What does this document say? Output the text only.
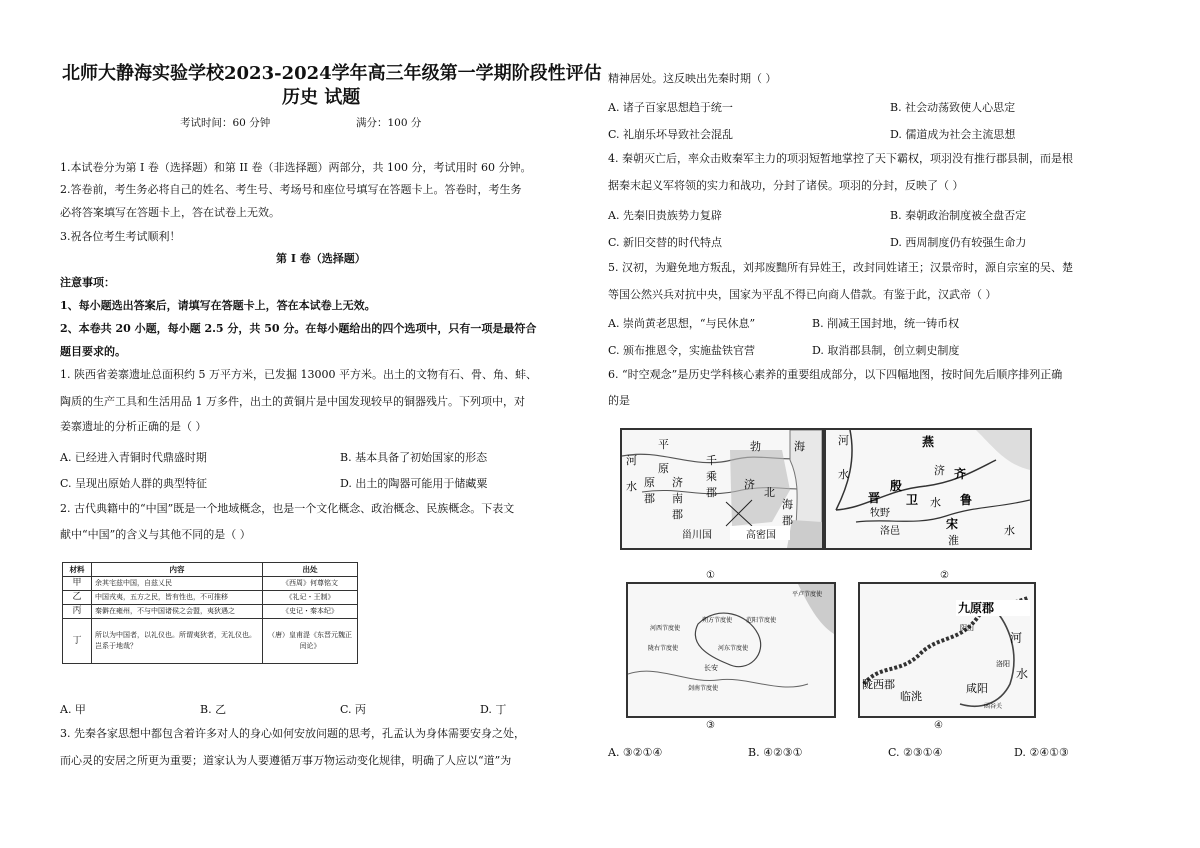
北师大静海实验学校2023-2024学年高三年级第一学期阶段性评估
历史 试题
考试时间：60 分钟	满分：100 分
1.本试卷分为第 I 卷（选择题）和第 II 卷（非选择题）两部分，共 100 分，考试用时 60 分钟。
2.答卷前，考生务必将自己的姓名、考生号、考场号和座位号填写在答题卡上。答卷时，考生务
必将答案填写在答题卡上，答在试卷上无效。
3.祝各位考生考试顺利！
第 I 卷（选择题）
注意事项：
1、每小题选出答案后，请填写在答题卡上，答在本试卷上无效。
2、本卷共 20 小题，每小题 2.5 分，共 50 分。在每小题给出的四个选项中，只有一项是最符合
题目要求的。
1. 陕西省姜寨遗址总面积约 5 万平方米，已发掘 13000 平方米。出土的文物有石、骨、角、蚌、
陶质的生产工具和生活用品 1 万多件，出土的黄铜片是中国发现较早的铜器残片。下列项中，对
姜寨遗址的分析正确的是（ ）
A. 已经进入青铜时代鼎盛时期	B. 基本具备了初始国家的形态
C. 呈现出原始人群的典型特征	D. 出土的陶器可能用于储藏粟
2. 古代典籍中的“中国”既是一个地域概念，也是一个文化概念、政治概念、民族概念。下表文
献中“中国”的含义与其他不同的是（ ）
材料	内容	出处
甲	余其宅兹中国，自兹乂民	《西周》何尊铭文
乙	中国戎夷，五方之民，皆有性也，不可推移	《礼记・王制》
丙	秦僻在雍州，不与中国诸侯之会盟，夷狄遇之	《史记・秦本纪》
丁	所以为中国者，以礼仪也。所谓夷狄者，无礼仪也。岂系于地哉？	（唐）皇甫湜《东晋元魏正闰论》
A. 甲	B. 乙	C. 丙	D. 丁
3. 先秦各家思想中都包含着许多对人的身心如何安放问题的思考，孔孟认为身体需要安身之处，
而心灵的安居之所更为重要；道家认为人要遵循万事万物运动变化规律，明确了人应以“道”为
精神居处。这反映出先秦时期（ ）
A. 诸子百家思想趋于统一	B. 社会动荡致使人心思定
C. 礼崩乐坏导致社会混乱	D. 儒道成为社会主流思想
4. 秦朝灭亡后，率众击败秦军主力的项羽短暂地掌控了天下霸权，项羽没有推行郡县制，而是根
据秦末起义军将领的实力和战功，分封了诸侯。项羽的分封，反映了（ ）
A. 先秦旧贵族势力复辟	B. 秦朝政治制度被全盘否定
C. 新旧交替的时代特点	D. 西周制度仍有较强生命力
5. 汉初，为避免地方叛乱，刘邦废黜所有异姓王，改封同姓诸王；汉景帝时，源自宗室的吴、楚
等国公然兴兵对抗中央，国家为平乱不得已向商人借款。有鉴于此，汉武帝（ ）
A. 崇尚黄老思想，“与民休息”	B. 削减王国封地，统一铸币权
C. 颁布推恩令，实施盐铁官营	D. 取消郡县制，创立刺史制度
6. “时空观念”是历史学科核心素养的重要组成部分，以下四幅地图，按时间先后顺序排列正确
的是
平
原
河
水 原
郡
千
乘
郡
勃	海
济
南
郡
北
海
郡
甾川国	高密国
济
河	燕
水	济 齐
殷
卫
晋	水 鲁
牧野
宋
洛邑
淮
水
①	②
河西节度使
范阳节度使
平卢节度使
陇右节度使
朔方节度使
河东节度使
长安
剑南节度使
九原郡
河
阴山
水
陇西郡
临洮
咸阳
函谷关
洛阳
③	④
A. ③②①④	B. ④②③①	C. ②③①④	D. ②④①③
